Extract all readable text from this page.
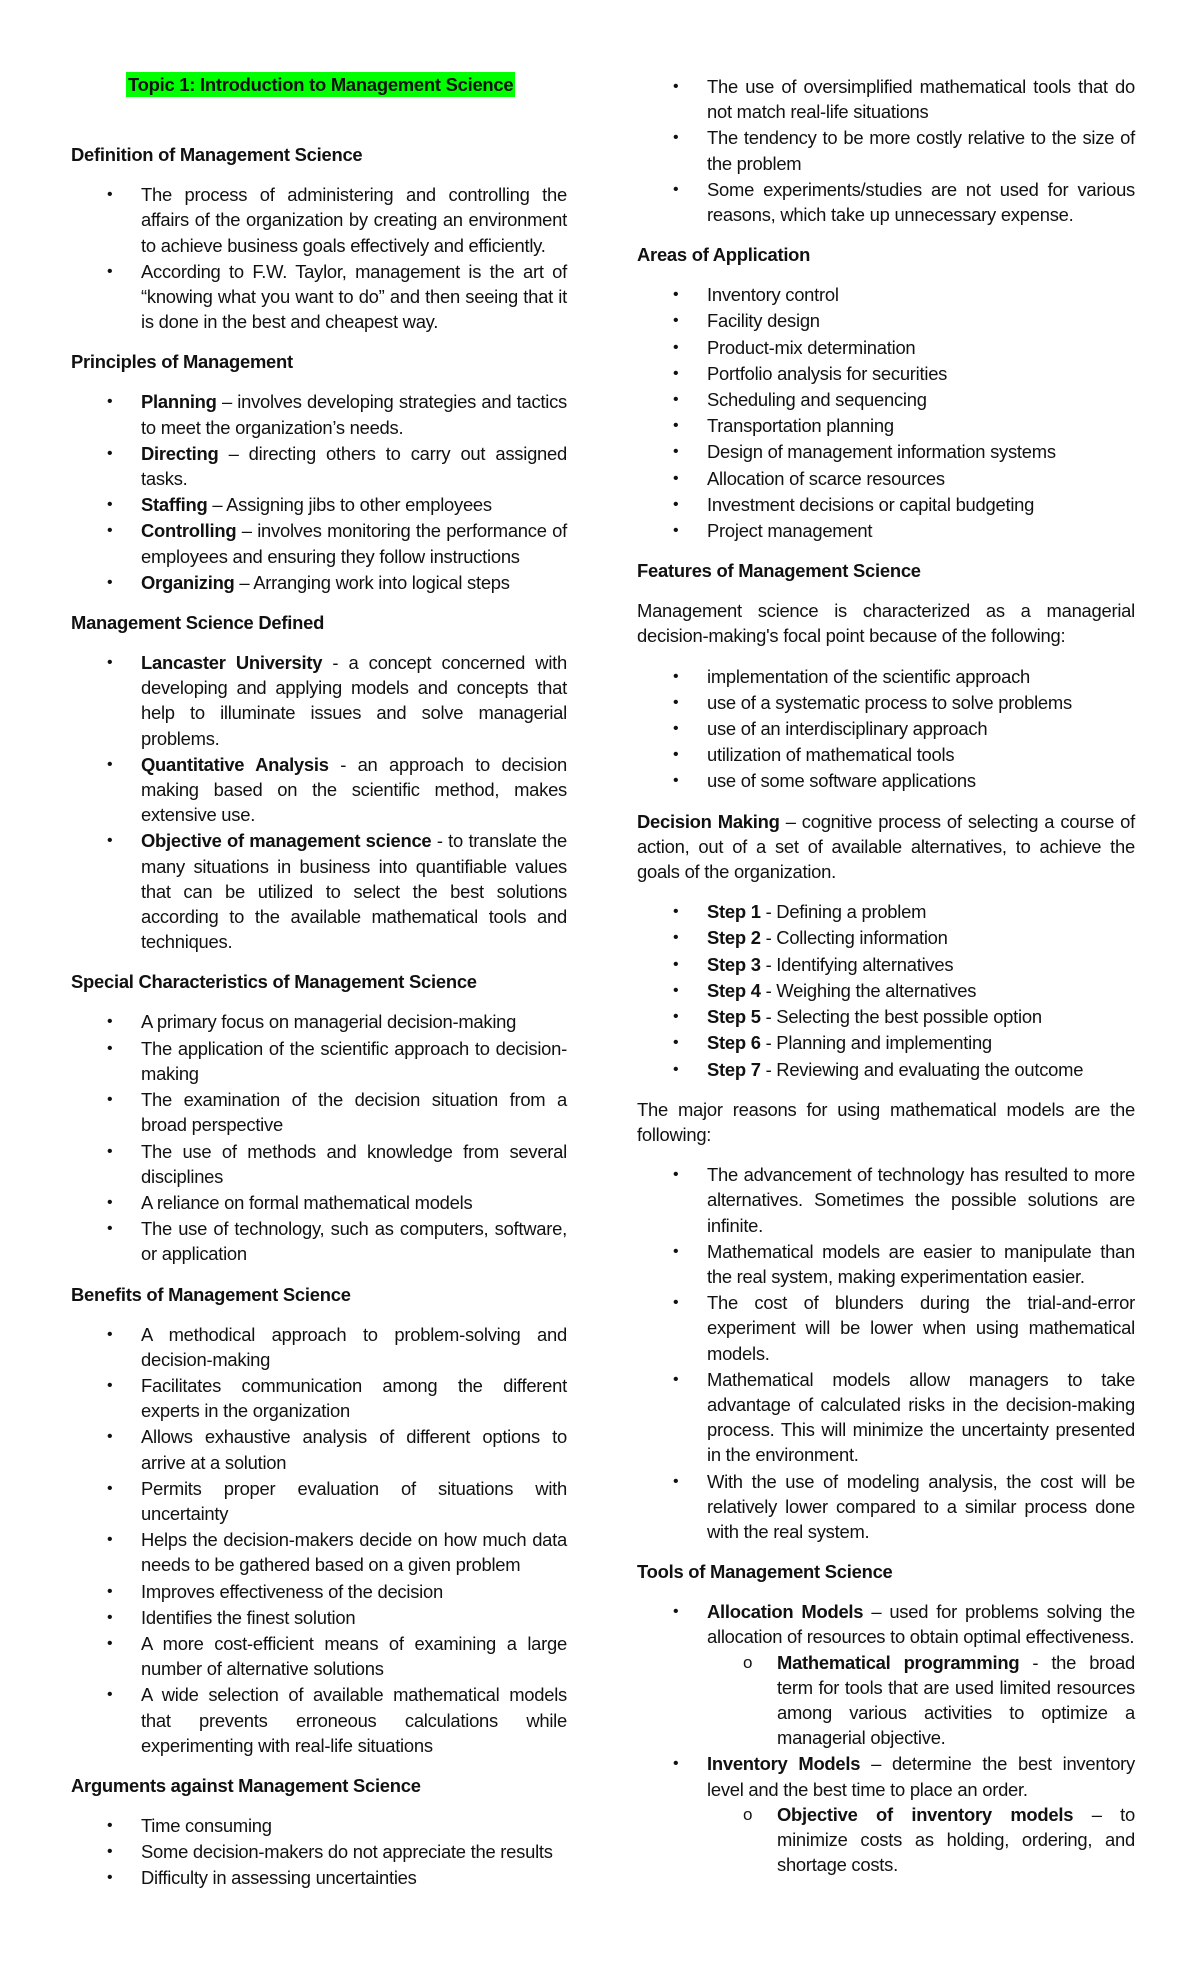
Topic 1: Introduction to Management Science
Definition of Management Science
• The process of administering and controlling the affairs of the organization by creating an environment to achieve business goals effectively and efficiently.
• According to F.W. Taylor, management is the art of “knowing what you want to do” and then seeing that it is done in the best and cheapest way.
Principles of Management
• Planning – involves developing strategies and tactics to meet the organization’s needs.
• Directing – directing others to carry out assigned tasks.
• Staffing – Assigning jibs to other employees
• Controlling – involves monitoring the performance of employees and ensuring they follow instructions
• Organizing – Arranging work into logical steps
Management Science Defined
• Lancaster University - a concept concerned with developing and applying models and concepts that help to illuminate issues and solve managerial problems.
• Quantitative Analysis - an approach to decision making based on the scientific method, makes extensive use.
• Objective of management science - to translate the many situations in business into quantifiable values that can be utilized to select the best solutions according to the available mathematical tools and techniques.
Special Characteristics of Management Science
• A primary focus on managerial decision-making
• The application of the scientific approach to decision-making
• The examination of the decision situation from a broad perspective
• The use of methods and knowledge from several disciplines
• A reliance on formal mathematical models
• The use of technology, such as computers, software, or application
Benefits of Management Science
• A methodical approach to problem-solving and decision-making
• Facilitates communication among the different experts in the organization
• Allows exhaustive analysis of different options to arrive at a solution
• Permits proper evaluation of situations with uncertainty
• Helps the decision-makers decide on how much data needs to be gathered based on a given problem
• Improves effectiveness of the decision
• Identifies the finest solution
• A more cost-efficient means of examining a large number of alternative solutions
• A wide selection of available mathematical models that prevents erroneous calculations while experimenting with real-life situations
Arguments against Management Science
• Time consuming
• Some decision-makers do not appreciate the results
• Difficulty in assessing uncertainties
• The use of oversimplified mathematical tools that do not match real-life situations
• The tendency to be more costly relative to the size of the problem
• Some experiments/studies are not used for various reasons, which take up unnecessary expense.
Areas of Application
• Inventory control
• Facility design
• Product-mix determination
• Portfolio analysis for securities
• Scheduling and sequencing
• Transportation planning
• Design of management information systems
• Allocation of scarce resources
• Investment decisions or capital budgeting
• Project management
Features of Management Science

Management science is characterized as a managerial decision-making's focal point because of the following:

• implementation of the scientific approach
• use of a systematic process to solve problems
• use of an interdisciplinary approach
• utilization of mathematical tools
• use of some software applications

Decision Making – cognitive process of selecting a course of action, out of a set of available alternatives, to achieve the goals of the organization.

• Step 1 - Defining a problem
• Step 2 - Collecting information
• Step 3 - Identifying alternatives
• Step 4 - Weighing the alternatives
• Step 5 - Selecting the best possible option
• Step 6 - Planning and implementing
• Step 7 - Reviewing and evaluating the outcome

The major reasons for using mathematical models are the following:

• The advancement of technology has resulted to more alternatives. Sometimes the possible solutions are infinite.
• Mathematical models are easier to manipulate than the real system, making experimentation easier.
• The cost of blunders during the trial-and-error experiment will be lower when using mathematical models.
• Mathematical models allow managers to take advantage of calculated risks in the decision-making process. This will minimize the uncertainty presented in the environment.
• With the use of modeling analysis, the cost will be relatively lower compared to a similar process done with the real system.
Tools of Management Science
• Allocation Models – used for problems solving the allocation of resources to obtain optimal effectiveness.
o Mathematical programming - the broad term for tools that are used limited resources among various activities to optimize a managerial objective.
• Inventory Models – determine the best inventory level and the best time to place an order.
o Objective of inventory models – to minimize costs as holding, ordering, and shortage costs.
